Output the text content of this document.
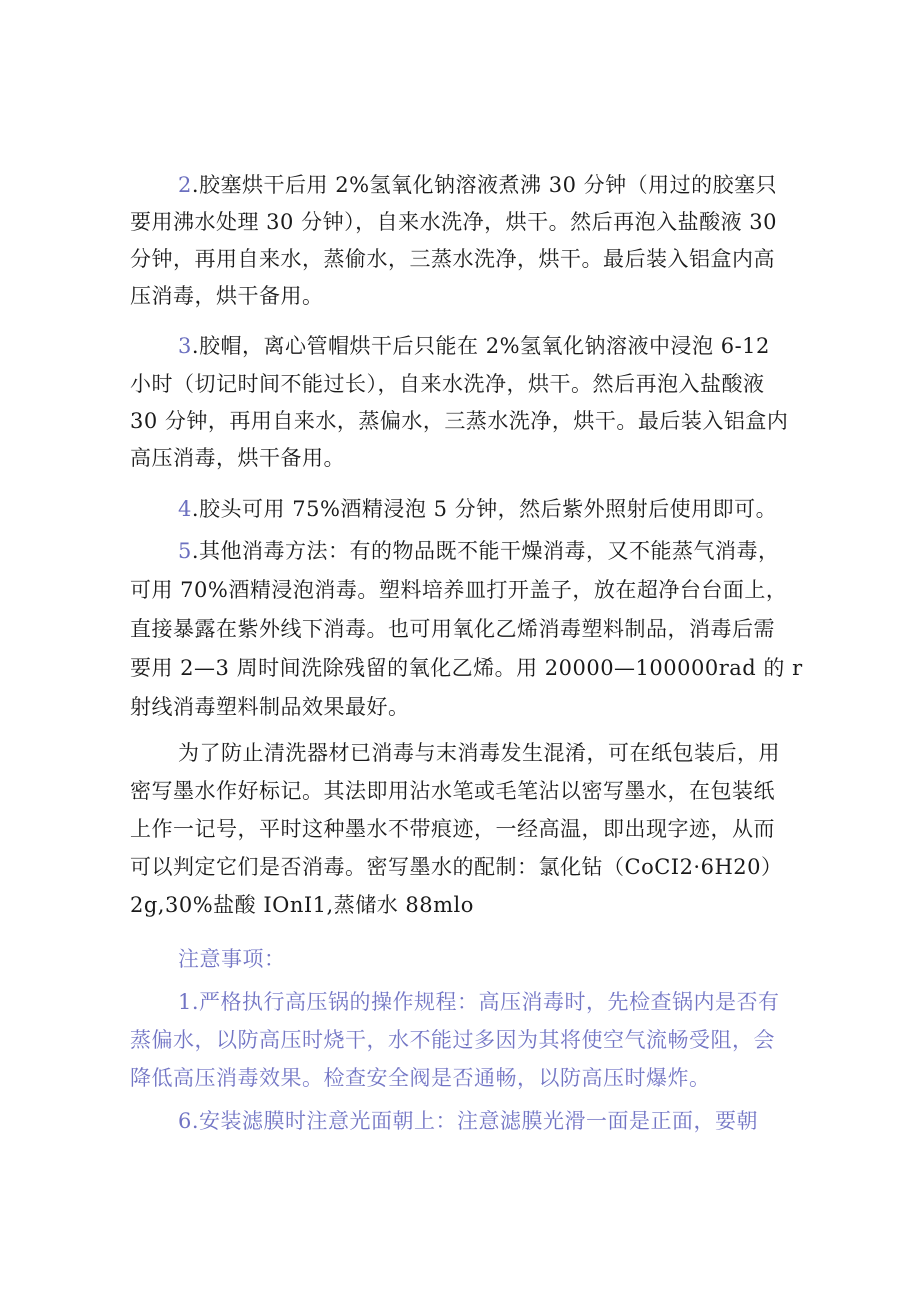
2.胶塞烘干后用 2%氢氧化钠溶液煮沸 30 分钟（用过的胶塞只
要用沸水处理 30 分钟），自来水洗净，烘干。然后再泡入盐酸液 30
分钟，再用自来水，蒸偷水，三蒸水洗净，烘干。最后装入铝盒内高
压消毒，烘干备用。
3.胶帽，离心管帽烘干后只能在 2%氢氧化钠溶液中浸泡 6-12
小时（切记时间不能过长），自来水洗净，烘干。然后再泡入盐酸液
30 分钟，再用自来水，蒸偏水，三蒸水洗净，烘干。最后装入铝盒内
高压消毒，烘干备用。
4.胶头可用 75%酒精浸泡 5 分钟，然后紫外照射后使用即可。
5.其他消毒方法：有的物品既不能干燥消毒，又不能蒸气消毒，
可用 70%酒精浸泡消毒。塑料培养皿打开盖子，放在超净台台面上，
直接暴露在紫外线下消毒。也可用氧化乙烯消毒塑料制品，消毒后需
要用 2—3 周时间洗除残留的氧化乙烯。用 20000—100000rad 的 r
射线消毒塑料制品效果最好。
为了防止清洗器材已消毒与末消毒发生混淆，可在纸包装后，用
密写墨水作好标记。其法即用沾水笔或毛笔沾以密写墨水，在包装纸
上作一记号，平时这种墨水不带痕迹，一经高温，即出现字迹，从而
可以判定它们是否消毒。密写墨水的配制：氯化钻（CoCI2·6H20）
2g,30%盐酸 IOnI1,蒸储水 88mlo
注意事项：
1.严格执行高压锅的操作规程：高压消毒时，先检查锅内是否有
蒸偏水，以防高压时烧干，水不能过多因为其将使空气流畅受阻，会
降低高压消毒效果。检查安全阀是否通畅，以防高压时爆炸。
6.安装滤膜时注意光面朝上：注意滤膜光滑一面是正面，要朝
